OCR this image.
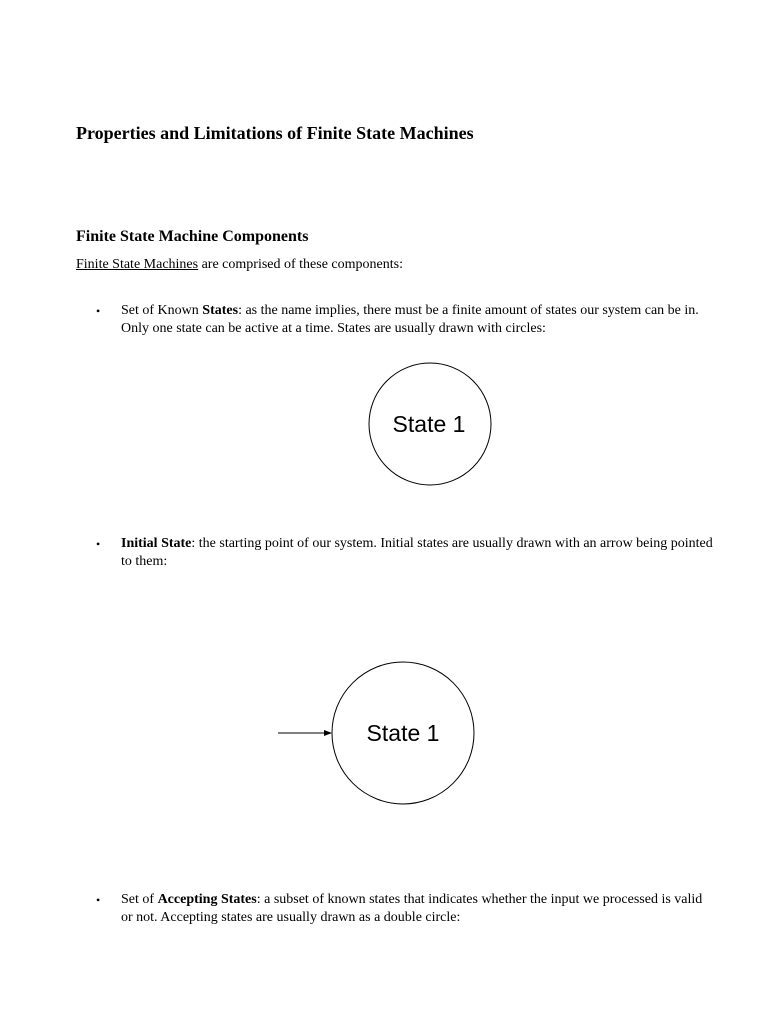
Properties and Limitations of Finite State Machines
Finite State Machine Components

Finite State Machines are comprised of these components:

•	Set of Known States: as the name implies, there must be a finite amount of states our system can be in. Only one state can be active at a time. States are usually drawn with circles:
State 1
•	Initial State: the starting point of our system. Initial states are usually drawn with an arrow being pointed to them:
State 1
•	Set of Accepting States: a subset of known states that indicates whether the input we processed is valid or not. Accepting states are usually drawn as a double circle:
